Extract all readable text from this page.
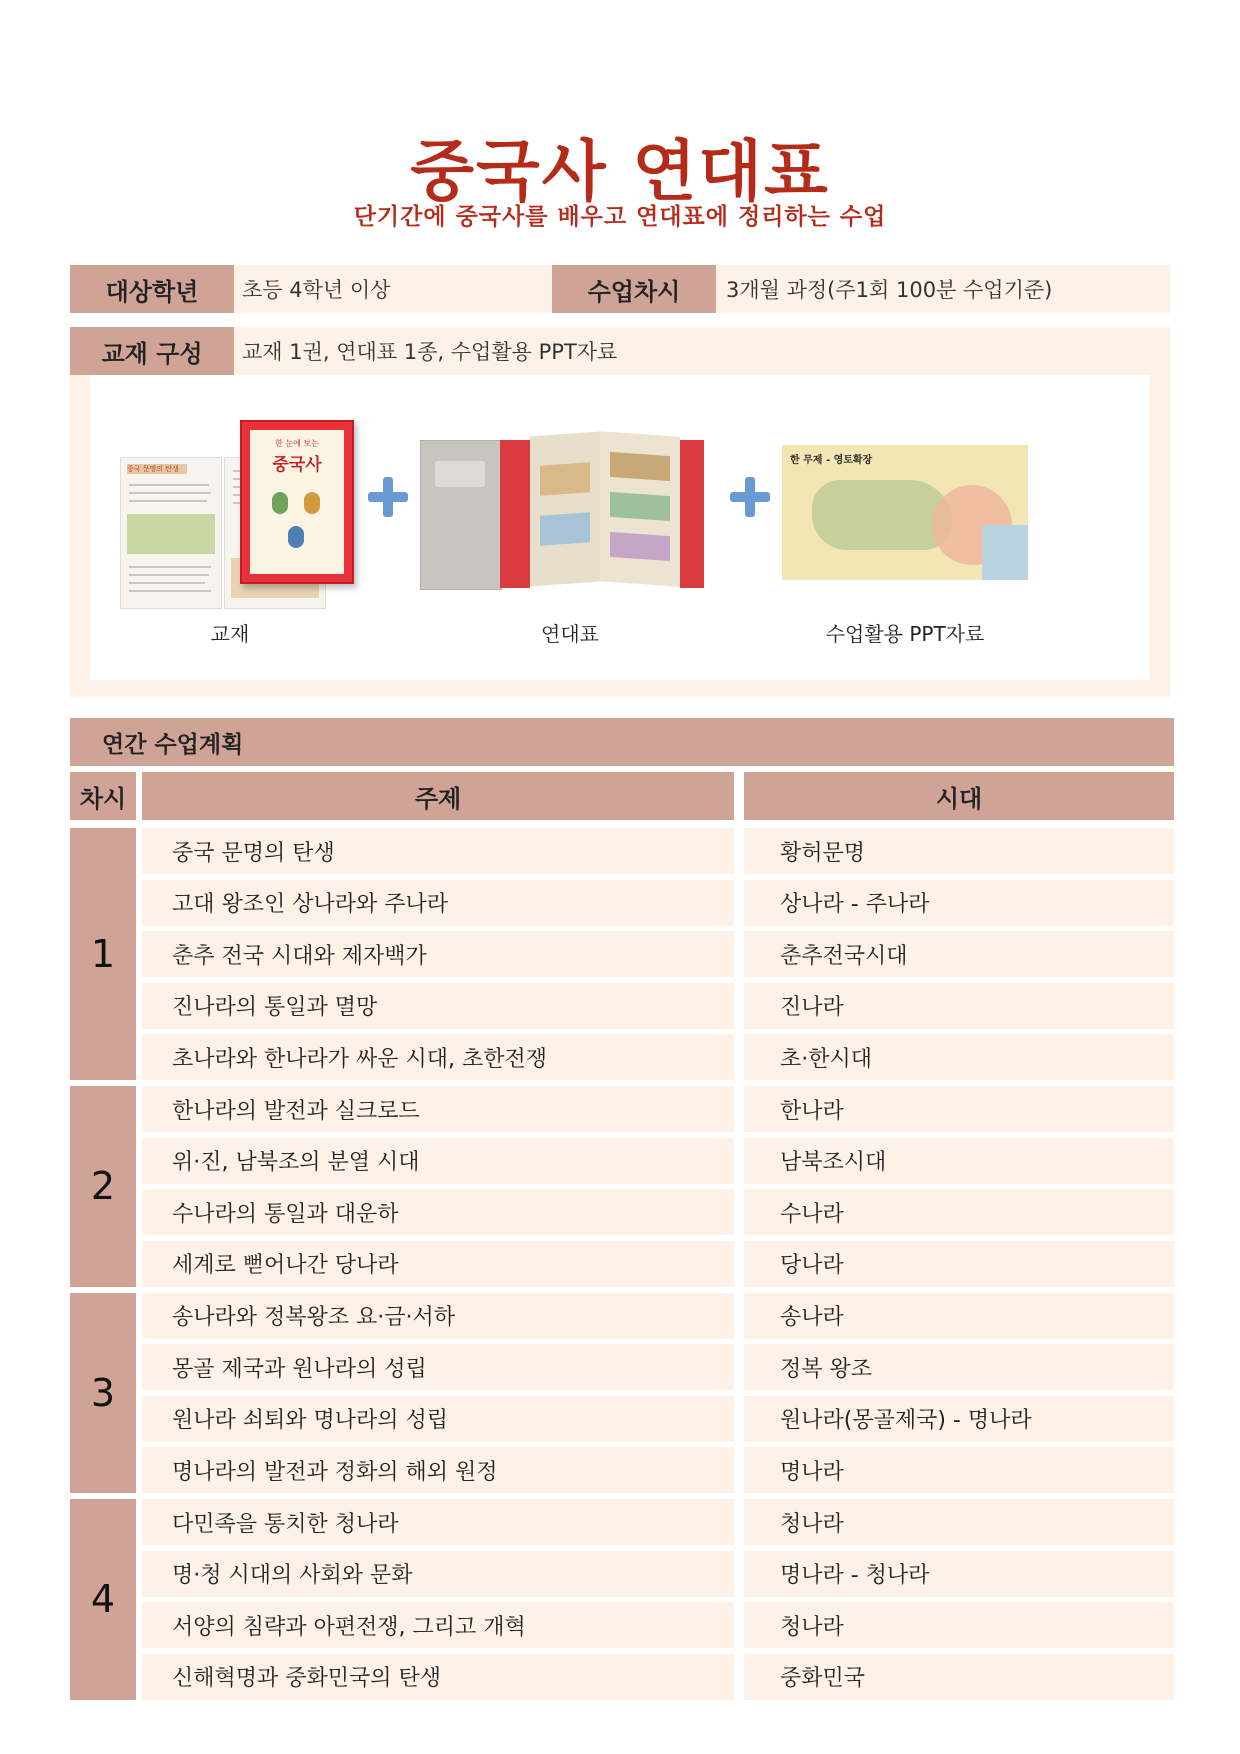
중국사 연대표
단기간에 중국사를 배우고 연대표에 정리하는 수업
대상학년	초등 4학년 이상	수업차시	3개월 과정(주1회 100분 수업기준)
교재 구성	교재 1권, 연대표 1종, 수업활용 PPT자료
중국 문명의 탄생
한 눈에 보는
중국사	한 무제 - 영토확장
교재	연대표	수업활용 PPT자료
연간 수업계획
차시	주제	시대
1
중국 문명의 탄생	황허문명
고대 왕조인 상나라와 주나라	상나라 - 주나라
춘추 전국 시대와 제자백가	춘추전국시대
진나라의 통일과 멸망	진나라
초나라와 한나라가 싸운 시대, 초한전쟁	초·한시대
2
한나라의 발전과 실크로드	한나라
위·진, 남북조의 분열 시대	남북조시대
수나라의 통일과 대운하	수나라
세계로 뻗어나간 당나라	당나라
3
송나라와 정복왕조 요·금·서하	송나라
몽골 제국과 원나라의 성립	정복 왕조
원나라 쇠퇴와 명나라의 성립	원나라(몽골제국) - 명나라
명나라의 발전과 정화의 해외 원정	명나라
4
다민족을 통치한 청나라	청나라
명·청 시대의 사회와 문화	명나라 - 청나라
서양의 침략과 아편전쟁, 그리고 개혁	청나라
신해혁명과 중화민국의 탄생	중화민국
